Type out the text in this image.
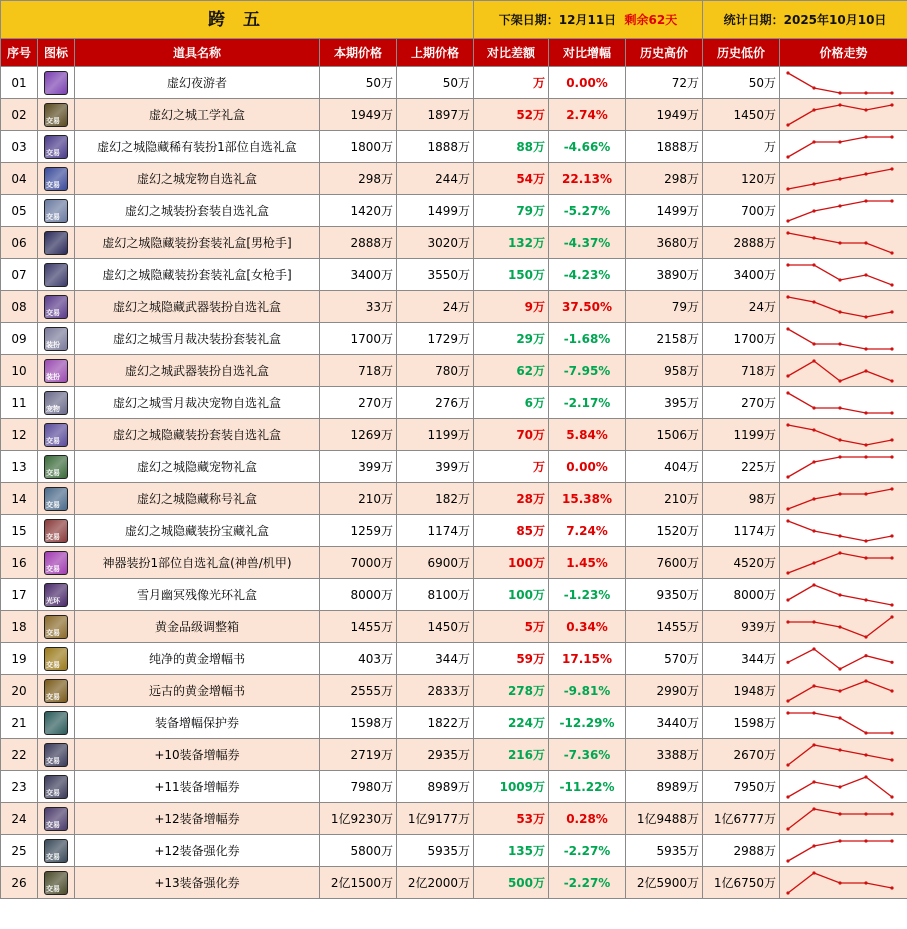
跨 五					下架日期：12月11日 剩余62天			统计日期：2025年10月10日	
序号	图标	道具名称	本期价格	上期价格	对比差额	对比增幅	历史高价	历史低价	价格走势
01		虚幻夜游者	50万	50万	万	0.00%	72万	50万	

02	交易	虚幻之城工学礼盒	1949万	1897万	52万	2.74%	1949万	1450万	

03	交易	虚幻之城隐藏稀有装扮1部位自选礼盒	1800万	1888万	88万	-4.66%	1888万	万	

04	交易	虚幻之城宠物自选礼盒	298万	244万	54万	22.13%	298万	120万	

05	交易	虚幻之城装扮套装自选礼盒	1420万	1499万	79万	-5.27%	1499万	700万	

06		虚幻之城隐藏装扮套装礼盒[男枪手]	2888万	3020万	132万	-4.37%	3680万	2888万	

07		虚幻之城隐藏装扮套装礼盒[女枪手]	3400万	3550万	150万	-4.23%	3890万	3400万	

08	交易	虚幻之城隐藏武器装扮自选礼盒	33万	24万	9万	37.50%	79万	24万	

09	装扮	虚幻之城雪月裁决装扮套装礼盒	1700万	1729万	29万	-1.68%	2158万	1700万	

10	装扮	虚幻之城武器装扮自选礼盒	718万	780万	62万	-7.95%	958万	718万	

11	宠物	虚幻之城雪月裁决宠物自选礼盒	270万	276万	6万	-2.17%	395万	270万	

12	交易	虚幻之城隐藏装扮套装自选礼盒	1269万	1199万	70万	5.84%	1506万	1199万	

13	交易	虚幻之城隐藏宠物礼盒	399万	399万	万	0.00%	404万	225万	

14	交易	虚幻之城隐藏称号礼盒	210万	182万	28万	15.38%	210万	98万	

15	交易	虚幻之城隐藏装扮宝藏礼盒	1259万	1174万	85万	7.24%	1520万	1174万	

16	交易	神器装扮1部位自选礼盒(神兽/机甲)	7000万	6900万	100万	1.45%	7600万	4520万	

17	光环	雪月幽冥残像光环礼盒	8000万	8100万	100万	-1.23%	9350万	8000万	

18	交易	黄金品级调整箱	1455万	1450万	5万	0.34%	1455万	939万	

19	交易	纯净的黄金增幅书	403万	344万	59万	17.15%	570万	344万	

20	交易	远古的黄金增幅书	2555万	2833万	278万	-9.81%	2990万	1948万	

21		装备增幅保护券	1598万	1822万	224万	-12.29%	3440万	1598万	

22	交易	+10装备增幅券	2719万	2935万	216万	-7.36%	3388万	2670万	

23	交易	+11装备增幅券	7980万	8989万	1009万	-11.22%	8989万	7950万	

24	交易	+12装备增幅券	1亿9230万	1亿9177万	53万	0.28%	1亿9488万	1亿6777万	

25	交易	+12装备强化券	5800万	5935万	135万	-2.27%	5935万	2988万	

26	交易	+13装备强化券	2亿1500万	2亿2000万	500万	-2.27%	2亿5900万	1亿6750万	
